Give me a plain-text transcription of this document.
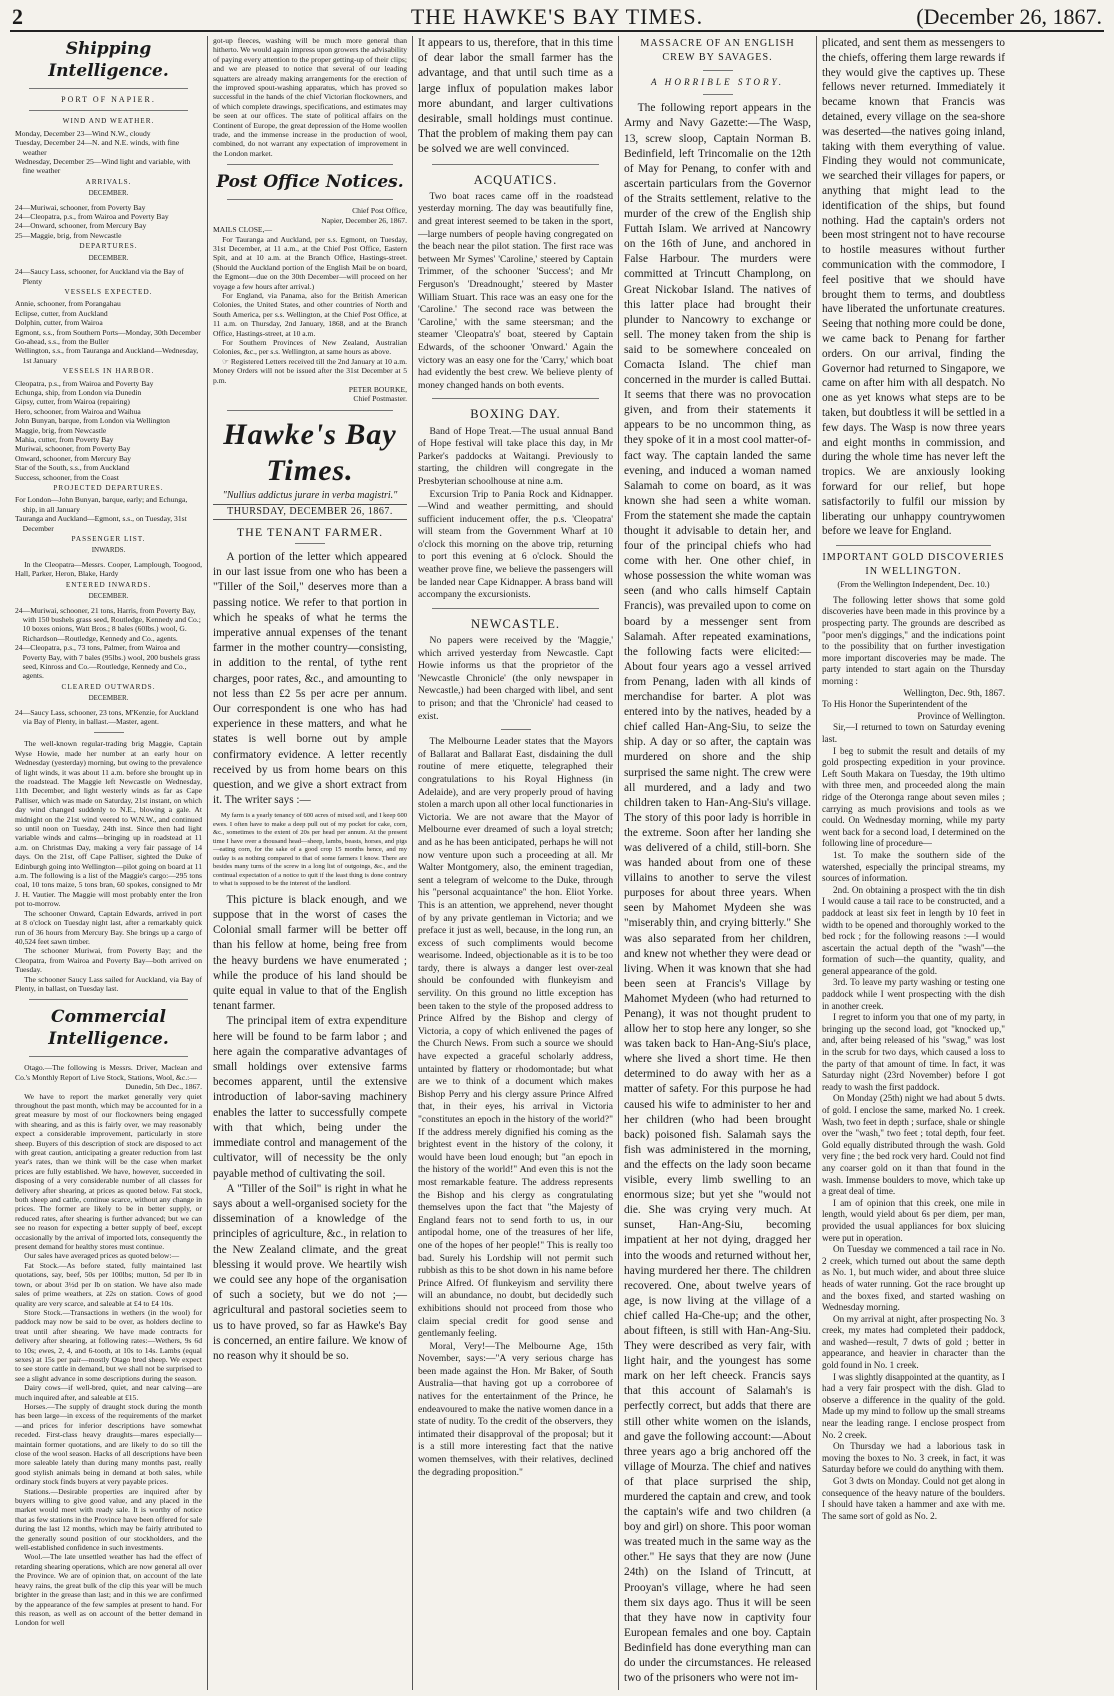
2	THE HAWKE'S BAY TIMES.	(December 26, 1867.
Shipping Intelligence.
PORT OF NAPIER.
WIND AND WEATHER.

Monday, December 23—Wind N.W., cloudy

Tuesday, December 24—N. and N.E. winds, with fine weather

Wednesday, December 25—Wind light and variable, with fine weather

ARRIVALS.
DECEMBER.

24—Muriwai, schooner, from Poverty Bay

24—Cleopatra, p.s., from Wairoa and Poverty Bay

24—Onward, schooner, from Mercury Bay

25—Maggie, brig, from Newcastle

DEPARTURES.
DECEMBER.

24—Saucy Lass, schooner, for Auckland via the Bay of Plenty

VESSELS EXPECTED.

Annie, schooner, from Porangahau

Eclipse, cutter, from Auckland

Dolphin, cutter, from Wairoa

Egmont, s.s., from Southern Ports—Monday, 30th December

Go-ahead, s.s., from the Buller

Wellington, s.s., from Tauranga and Auckland—Wednesday, 1st January

VESSELS IN HARBOR.

Cleopatra, p.s., from Wairoa and Poverty Bay

Echunga, ship, from London via Dunedin

Gipsy, cutter, from Wairoa (repairing)

Hero, schooner, from Wairoa and Waihua

John Bunyan, barque, from London via Wellington

Maggie, brig, from Newcastle

Mahia, cutter, from Poverty Bay

Muriwai, schooner, from Poverty Bay

Onward, schooner, from Mercury Bay

Star of the South, s.s., from Auckland

Success, schooner, from the Coast

PROJECTED DEPARTURES.

For London—John Bunyan, barque, early; and Echunga, ship, in all January

Tauranga and Auckland—Egmont, s.s., on Tuesday, 31st December

PASSENGER LIST.
INWARDS.

In the Cleopatra—Messrs. Cooper, Lamplough, Toogood, Hall, Parker, Heron, Blake, Hardy

ENTERED INWARDS.
DECEMBER.

24—Muriwai, schooner, 21 tons, Harris, from Poverty Bay, with 150 bushels grass seed, Routledge, Kennedy and Co.; 10 boxes onions, Watt Bros.; 8 bales (60lbs.) wool, G. Richardson—Routledge, Kennedy and Co., agents.

24—Cleopatra, p.s., 73 tons, Palmer, from Wairoa and Poverty Bay, with 7 bales (95lbs.) wool, 200 bushels grass seed, Kinross and Co.—Routledge, Kennedy and Co., agents.

CLEARED OUTWARDS.
DECEMBER.

24—Saucy Lass, schooner, 23 tons, M'Kenzie, for Auckland via Bay of Plenty, in ballast.—Master, agent.

The well-known regular-trading brig Maggie, Captain Wyse Howie, made her number at an early hour on Wednesday (yesterday) morning, but owing to the prevalence of light winds, it was about 11 a.m. before she brought up in the roadstead. The Maggie left Newcastle on Wednesday, 11th December, and light westerly winds as far as Cape Palliser, which was made on Saturday, 21st instant, on which day wind changed suddenly to N.E., blowing a gale. At midnight on the 21st wind veered to W.N.W., and continued so until noon on Tuesday, 24th inst. Since then had light variable winds and calms—bringing up in roadstead at 11 a.m. on Christmas Day, making a very fair passage of 14 days. On the 21st, off Cape Palliser, sighted the Duke of Edinburgh going into Wellington—pilot going on board at 11 a.m. The following is a list of the Maggie's cargo:—295 tons coal, 10 tons maize, 5 tons bran, 60 spokes, consigned to Mr J. H. Vautier. The Maggie will most probably enter the Iron pot to-morrow.

The schooner Onward, Captain Edwards, arrived in port at 8 o'clock on Tuesday night last, after a remarkably quick run of 36 hours from Mercury Bay. She brings up a cargo of 40,524 feet sawn timber.

The schooner Muriwai, from Poverty Bay; and the Cleopatra, from Wairoa and Poverty Bay—both arrived on Tuesday.

The schooner Saucy Lass sailed for Auckland, via Bay of Plenty, in ballast, on Tuesday last.

Commercial Intelligence.

Otago.—The following is Messrs. Driver, Maclean and Co.'s Monthly Report of Live Stock, Stations, Wool, &c.:—

Dunedin, 5th Dec., 1867.

We have to report the market generally very quiet throughout the past month, which may be accounted for in a great measure by most of our flockowners being engaged with shearing, and as this is fairly over, we may reasonably expect a considerable improvement, particularly in store sheep. Buyers of this description of stock are disposed to act with great caution, anticipating a greater reduction from last year's rates, than we think will be the case when market prices are fully established. We have, however, succeeded in disposing of a very considerable number of all classes for delivery after shearing, at prices as quoted below. Fat stock, both sheep and cattle, continue scarce, without any change in prices. The former are likely to be in better supply, or reduced rates, after shearing is further advanced; but we can see no reason for expecting a better supply of beef, except occasionally by the arrival of imported lots, consequently the present demand for healthy stores must continue.

Our sales have averaged prices as quoted below:—

Fat Stock.—As before stated, fully maintained last quotations, say, beef, 50s per 100lbs; mutton, 5d per lb in town, or about 3½d per lb on station. We have also made sales of prime weathers, at 22s on station. Cows of good quality are very scarce, and saleable at £4 to £4 10s.

Store Stock.—Transactions in wethers (in the wool) for paddock may now be said to be over, as holders decline to treat until after shearing. We have made contracts for delivery after shearing, at following rates:—Wethers, 9s 6d to 10s; ewes, 2, 4, and 6-tooth, at 10s to 14s. Lambs (equal sexes) at 15s per pair—mostly Otago bred sheep. We expect to see store cattle in demand, but we shall not be surprised to see a slight advance in some descriptions during the season.

Dairy cows—if well-bred, quiet, and near calving—are much inquired after, and saleable at £15.

Horses.—The supply of draught stock during the month has been large—in excess of the requirements of the market—and prices for inferior descriptions have somewhat receded. First-class heavy draughts—mares especially—maintain former quotations, and are likely to do so till the close of the wool season. Hacks of all descriptions have been more saleable lately than during many months past, really good stylish animals being in demand at both sales, while ordinary stock finds buyers at very payable prices.

Stations.—Desirable properties are inquired after by buyers willing to give good value, and any placed in the market would meet with ready sale. It is worthy of notice that as few stations in the Province have been offered for sale during the last 12 months, which may be fairly attributed to the generally sound position of our stockholders, and the well-established confidence in such investments.

Wool.—The late unsettled weather has had the effect of retarding shearing operations, which are now general all over the Province. We are of opinion that, on account of the late heavy rains, the great bulk of the clip this year will be much brighter in the grease than last; and in this we are confirmed by the appearance of the few samples at present to hand. For this reason, as well as on account of the better demand in London for well

got-up fleeces, washing will be much more general than hitherto. We would again impress upon growers the advisability of paying every attention to the proper getting-up of their clips; and we are pleased to notice that several of our leading squatters are already making arrangements for the erection of the improved spout-washing apparatus, which has proved so successful in the hands of the chief Victorian flockowners, and of which complete drawings, specifications, and estimates may be seen at our offices. The state of political affairs on the Continent of Europe, the great depression of the Home woollen trade, and the immense increase in the production of wool, combined, do not warrant any expectation of improvement in the London market.

Post Office Notices.

Chief Post Office,

Napier, December 26, 1867.

MAILS CLOSE,—

For Tauranga and Auckland, per s.s. Egmont, on Tuesday, 31st December, at 11 a.m., at the Chief Post Office, Eastern Spit, and at 10 a.m. at the Branch Office, Hastings-street. (Should the Auckland portion of the English Mail be on board, the Egmont—due on the 30th December—will proceed on her voyage a few hours after arrival.)

For England, via Panama, also for the British American Colonies, the United States, and other countries of North and South America, per s.s. Wellington, at the Chief Post Office, at 11 a.m. on Thursday, 2nd January, 1868, and at the Branch Office, Hastings-street, at 10 a.m.

For Southern Provinces of New Zealand, Australian Colonies, &c., per s.s. Wellington, at same hours as above.

☞ Registered Letters received till the 2nd January at 10 a.m. Money Orders will not be issued after the 31st December at 5 p.m.

PETER BOURKE,

Chief Postmaster.

Hawke's Bay Times.
"Nullius addictus jurare in verba magistri."
THURSDAY, DECEMBER 26, 1867.
THE TENANT FARMER.

A portion of the letter which appeared in our last issue from one who has been a "Tiller of the Soil," deserves more than a passing notice. We refer to that portion in which he speaks of what he terms the imperative annual expenses of the tenant farmer in the mother country—consisting, in addition to the rental, of tythe rent charges, poor rates, &c., and amounting to not less than £2 5s per acre per annum. Our correspondent is one who has had experience in these matters, and what he states is well borne out by ample confirmatory evidence. A letter recently received by us from home bears on this question, and we give a short extract from it. The writer says :—

My farm is a yearly tenancy of 600 acres of mixed soil, and I keep 600 ewes. I often have to make a deep pull out of my pocket for cake, corn, &c., sometimes to the extent of 20s per head per annum. At the present time I have over a thousand head—sheep, lambs, beasts, horses, and pigs—eating corn, for the sake of a good crop 15 months hence, and my outlay is as nothing compared to that of some farmers I know. There are besides many turns of the screw in a long list of outgoings, &c., and the continual expectation of a notice to quit if the least thing is done contrary to what is supposed to be the interest of the landlord.

This picture is black enough, and we suppose that in the worst of cases the Colonial small farmer will be better off than his fellow at home, being free from the heavy burdens we have enumerated ; while the produce of his land should be quite equal in value to that of the English tenant farmer.

The principal item of extra expenditure here will be found to be farm labor ; and here again the comparative advantages of small holdings over extensive farms becomes apparent, until the extensive introduction of labor-saving machinery enables the latter to successfully compete with that which, being under the immediate control and management of the cultivator, will of necessity be the only payable method of cultivating the soil.

A "Tiller of the Soil" is right in what he says about a well-organised society for the dissemination of a knowledge of the principles of agriculture, &c., in relation to the New Zealand climate, and the great blessing it would prove. We heartily wish we could see any hope of the organisation of such a society, but we do not ;—agricultural and pastoral societies seem to us to have proved, so far as Hawke's Bay is concerned, an entire failure. We know of no reason why it should be so.

It appears to us, therefore, that in this time of dear labor the small farmer has the advantage, and that until such time as a large influx of population makes labor more abundant, and larger cultivations desirable, small holdings must continue. That the problem of making them pay can be solved we are well convinced.

ACQUATICS.

Two boat races came off in the roadstead yesterday morning. The day was beautifully fine, and great interest seemed to be taken in the sport,—large numbers of people having congregated on the beach near the pilot station. The first race was between Mr Symes' 'Caroline,' steered by Captain Trimmer, of the schooner 'Success'; and Mr Ferguson's 'Dreadnought,' steered by Master William Stuart. This race was an easy one for the 'Caroline.' The second race was between the 'Caroline,' with the same steersman; and the steamer 'Cleopatra's' boat, steered by Captain Edwards, of the schooner 'Onward.' Again the victory was an easy one for the 'Carry,' which boat had evidently the best crew. We believe plenty of money changed hands on both events.

BOXING DAY.

Band of Hope Treat.—The usual annual Band of Hope festival will take place this day, in Mr Parker's paddocks at Waitangi. Previously to starting, the children will congregate in the Presbyterian schoolhouse at nine a.m.

Excursion Trip to Pania Rock and Kidnapper.—Wind and weather permitting, and should sufficient inducement offer, the p.s. 'Cleopatra' will steam from the Government Wharf at 10 o'clock this morning on the above trip, returning to port this evening at 6 o'clock. Should the weather prove fine, we believe the passengers will be landed near Cape Kidnapper. A brass band will accompany the excursionists.

NEWCASTLE.

No papers were received by the 'Maggie,' which arrived yesterday from Newcastle. Capt Howie informs us that the proprietor of the 'Newcastle Chronicle' (the only newspaper in Newcastle,) had been charged with libel, and sent to prison; and that the 'Chronicle' had ceased to exist.

The Melbourne Leader states that the Mayors of Ballarat and Ballarat East, disdaining the dull routine of mere etiquette, telegraphed their congratulations to his Royal Highness (in Adelaide), and are very properly proud of having stolen a march upon all other local functionaries in Victoria. We are not aware that the Mayor of Melbourne ever dreamed of such a loyal stretch; and as he has been anticipated, perhaps he will not now venture upon such a proceeding at all. Mr Walter Montgomery, also, the eminent tragedian, sent a telegram of welcome to the Duke, through his "personal acquaintance" the hon. Eliot Yorke. This is an attention, we apprehend, never thought of by any private gentleman in Victoria; and we preface it just as well, because, in the long run, an excess of such compliments would become wearisome. Indeed, objectionable as it is to be too tardy, there is always a danger lest over-zeal should be confounded with flunkeyism and servility. On this ground no little exception has been taken to the style of the proposed address to Prince Alfred by the Bishop and clergy of Victoria, a copy of which enlivened the pages of the Church News. From such a source we should have expected a graceful scholarly address, untainted by flattery or rhodomontade; but what are we to think of a document which makes Bishop Perry and his clergy assure Prince Alfred that, in their eyes, his arrival in Victoria "constitutes an epoch in the history of the world?" If the address merely dignified his coming as the brightest event in the history of the colony, it would have been loud enough; but "an epoch in the history of the world!" And even this is not the most remarkable feature. The address represents the Bishop and his clergy as congratulating themselves upon the fact that "the Majesty of England fears not to send forth to us, in our antipodal home, one of the treasures of her life, one of the hopes of her people!" This is really too bad. Surely his Lordship will not permit such rubbish as this to be shot down in his name before Prince Alfred. Of flunkeyism and servility there will an abundance, no doubt, but decidedly such exhibitions should not proceed from those who claim special credit for good sense and gentlemanly feeling.

Moral, Very!—The Melbourne Age, 15th November, says:—"A very serious charge has been made against the Hon. Mr Baker, of South Australia—that having got up a corroboree of natives for the entertainment of the Prince, he endeavoured to make the native women dance in a state of nudity. To the credit of the observers, they intimated their disapproval of the proposal; but it is a still more interesting fact that the native women themselves, with their relatives, declined the degrading proposition."

MASSACRE OF AN ENGLISH
CREW BY SAVAGES.
A HORRIBLE STORY.

The following report appears in the Army and Navy Gazette:—The Wasp, 13, screw sloop, Captain Norman B. Bedinfield, left Trincomalie on the 12th of May for Penang, to confer with and ascertain particulars from the Governor of the Straits settlement, relative to the murder of the crew of the English ship Futtah Islam. We arrived at Nancowry on the 16th of June, and anchored in False Harbour. The murders were committed at Trincutt Champlong, on Great Nickobar Island. The natives of this latter place had brought their plunder to Nancowry to exchange or sell. The money taken from the ship is said to be somewhere concealed on Comacta Island. The chief man concerned in the murder is called Buttai. It seems that there was no provocation given, and from their statements it appears to be no uncommon thing, as they spoke of it in a most cool matter-of-fact way. The captain landed the same evening, and induced a woman named Salamah to come on board, as it was known she had seen a white woman. From the statement she made the captain thought it advisable to detain her, and four of the principal chiefs who had come with her. One other chief, in whose possession the white woman was seen (and who calls himself Captain Francis), was prevailed upon to come on board by a messenger sent from Salamah. After repeated examinations, the following facts were elicited:—About four years ago a vessel arrived from Penang, laden with all kinds of merchandise for barter. A plot was entered into by the natives, headed by a chief called Han-Ang-Siu, to seize the ship. A day or so after, the captain was murdered on shore and the ship surprised the same night. The crew were all murdered, and a lady and two children taken to Han-Ang-Siu's village. The story of this poor lady is horrible in the extreme. Soon after her landing she was delivered of a child, still-born. She was handed about from one of these villains to another to serve the vilest purposes for about three years. When seen by Mahomet Mydeen she was "miserably thin, and crying bitterly." She was also separated from her children, and knew not whether they were dead or living. When it was known that she had been seen at Francis's Village by Mahomet Mydeen (who had returned to Penang), it was not thought prudent to allow her to stop here any longer, so she was taken back to Han-Ang-Siu's place, where she lived a short time. He then determined to do away with her as a matter of safety. For this purpose he had caused his wife to administer to her and her children (who had been brought back) poisoned fish. Salamah says the fish was administered in the morning, and the effects on the lady soon became visible, every limb swelling to an enormous size; but yet she "would not die. She was crying very much. At sunset, Han-Ang-Siu, becoming impatient at her not dying, dragged her into the woods and returned without her, having murdered her there. The children recovered. One, about twelve years of age, is now living at the village of a chief called Ha-Che-up; and the other, about fifteen, is still with Han-Ang-Siu. They were described as very fair, with light hair, and the youngest has some mark on her left cheeck. Francis says that this account of Salamah's is perfectly correct, but adds that there are still other white women on the islands, and gave the following account:—About three years ago a brig anchored off the village of Mourza. The chief and natives of that place surprised the ship, murdered the captain and crew, and took the captain's wife and two children (a boy and girl) on shore. This poor woman was treated much in the same way as the other." He says that they are now (June 24th) on the Island of Trincutt, at Prooyan's village, where he had seen them six days ago. Thus it will be seen that they have now in captivity four European females and one boy. Captain Bedinfield has done everything man can do under the circumstances. He released two of the prisoners who were not im-

plicated, and sent them as messengers to the chiefs, offering them large rewards if they would give the captives up. These fellows never returned. Immediately it became known that Francis was detained, every village on the sea-shore was deserted—the natives going inland, taking with them everything of value. Finding they would not communicate, we searched their villages for papers, or anything that might lead to the identification of the ships, but found nothing. Had the captain's orders not been most stringent not to have recourse to hostile measures without further communication with the commodore, I feel positive that we should have brought them to terms, and doubtless have liberated the unfortunate creatures. Seeing that nothing more could be done, we came back to Penang for farther orders. On our arrival, finding the Governor had returned to Singapore, we came on after him with all despatch. No one as yet knows what steps are to be taken, but doubtless it will be settled in a few days. The Wasp is now three years and eight months in commission, and during the whole time has never left the tropics. We are anxiously looking forward for our relief, but hope satisfactorily to fulfil our mission by liberating our unhappy countrywomen before we leave for England.

IMPORTANT GOLD DISCOVERIES
IN WELLINGTON.
(From the Wellington Independent, Dec. 10.)

The following letter shows that some gold discoveries have been made in this province by a prospecting party. The grounds are described as "poor men's diggings," and the indications point to the possibility that on further investigation more important discoveries may be made. The party intended to start again on the Thursday morning :

Wellington, Dec. 9th, 1867.

To His Honor the Superintendent of the

Province of Wellington.

Sir,—I returned to town on Saturday evening last.

I beg to submit the result and details of my gold prospecting expedition in your province. Left South Makara on Tuesday, the 19th ultimo with three men, and proceeded along the main ridge of the Oteronga range about seven miles ; carrying as much provisions and tools as we could. On Wednesday morning, while my party went back for a second load, I determined on the following line of procedure—

1st. To make the southern side of the watershed, especially the principal streams, my sources of information.

2nd. On obtaining a prospect with the tin dish I would cause a tail race to be constructed, and a paddock at least six feet in length by 10 feet in width to be opened and thoroughly worked to the bed rock ; for the following reasons :—I would ascertain the actual depth of the "wash"—the formation of such—the quantity, quality, and general appearance of the gold.

3rd. To leave my party washing or testing one paddock while I went prospecting with the dish in another creek.

I regret to inform you that one of my party, in bringing up the second load, got "knocked up," and, after being released of his "swag," was lost in the scrub for two days, which caused a loss to the party of that amount of time. In fact, it was Saturday night (23rd November) before I got ready to wash the first paddock.

On Monday (25th) night we had about 5 dwts. of gold. I enclose the same, marked No. 1 creek. Wash, two feet in depth ; surface, shale or shingle over the "wash," two feet ; total depth, four feet. Gold equally distributed through the wash. Gold very fine ; the bed rock very hard. Could not find any coarser gold on it than that found in the wash. Immense boulders to move, which take up a great deal of time.

I am of opinion that this creek, one mile in length, would yield about 6s per diem, per man, provided the usual appliances for box sluicing were put in operation.

On Tuesday we commenced a tail race in No. 2 creek, which turned out about the same depth as No. 1, but much wider, and about three sluice heads of water running. Got the race brought up and the boxes fixed, and started washing on Wednesday morning.

On my arrival at night, after prospecting No. 3 creek, my mates had completed their paddock, and washed—result, 7 dwts of gold ; better in appearance, and heavier in character than the gold found in No. 1 creek.

I was slightly disappointed at the quantity, as I had a very fair prospect with the dish. Glad to observe a difference in the quality of the gold. Made up my mind to follow up the small streams near the leading range. I enclose prospect from No. 2 creek.

On Thursday we had a laborious task in moving the boxes to No. 3 creek, in fact, it was Saturday before we could do anything with them.

Got 3 dwts on Monday. Could not get along in consequence of the heavy nature of the boulders. I should have taken a hammer and axe with me. The same sort of gold as No. 2.
